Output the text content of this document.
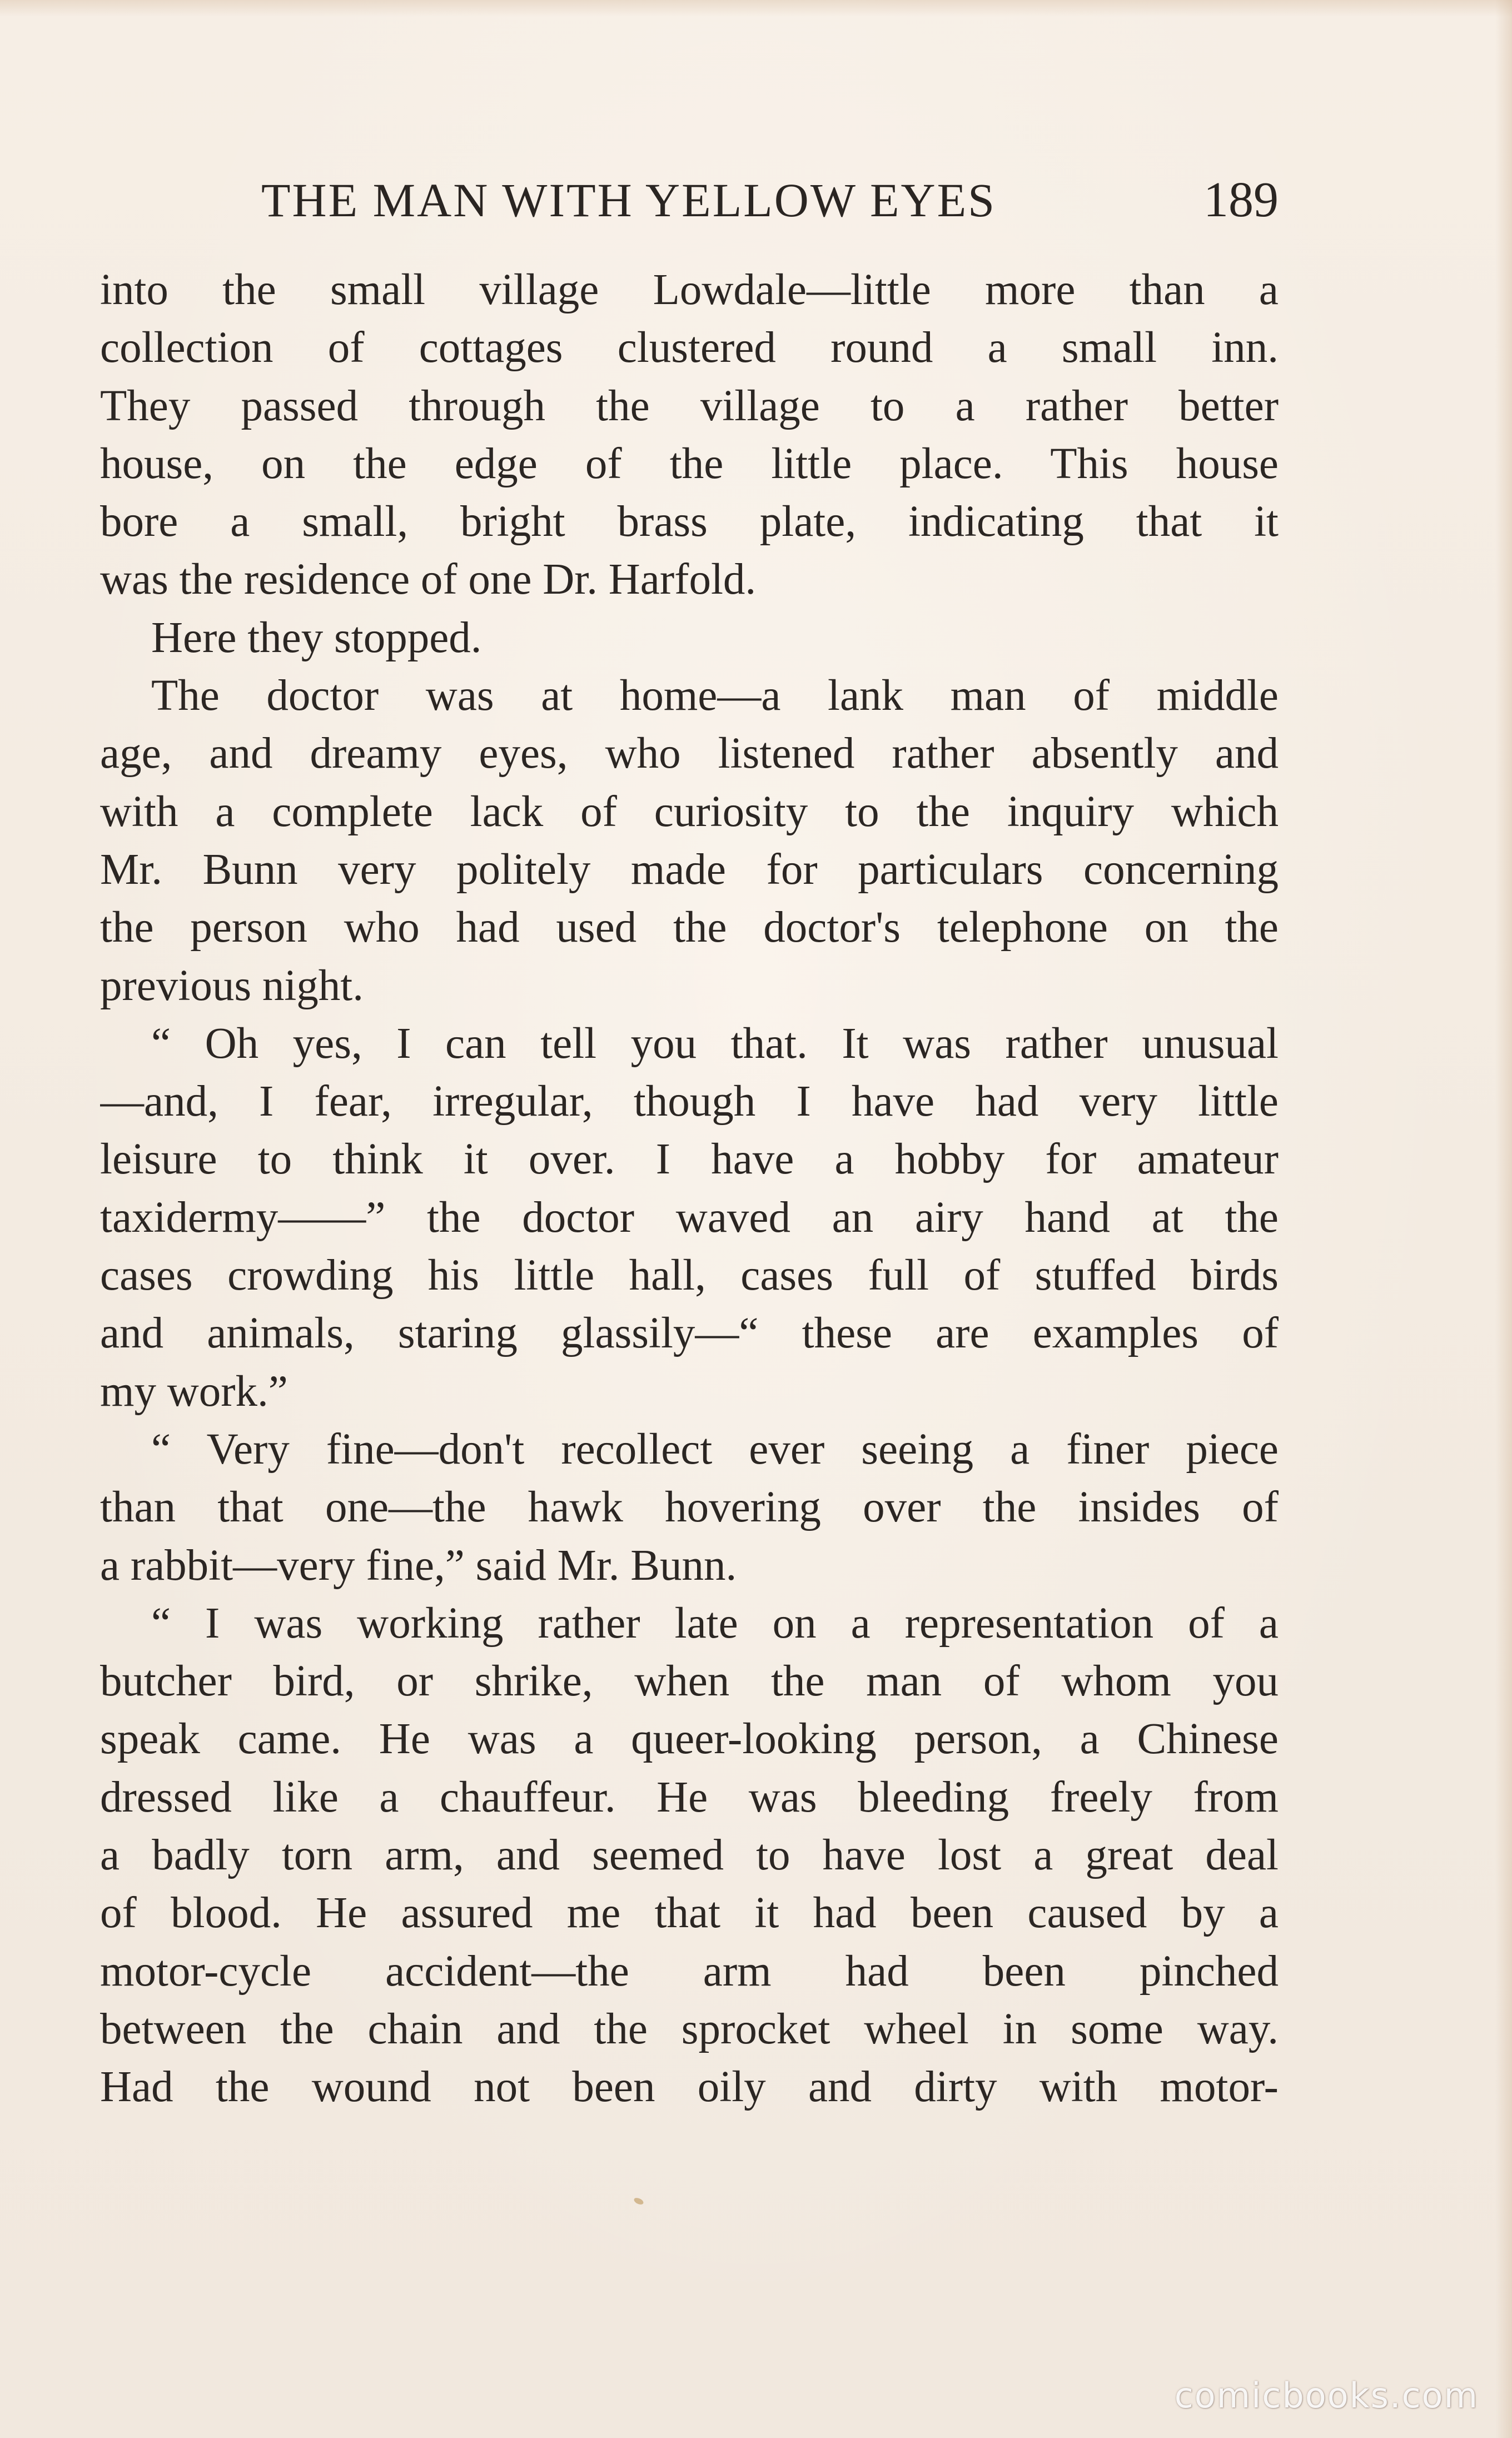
THE MAN WITH YELLOW EYES	189
into the small village Lowdale—little more than a
collection of cottages clustered round a small inn.
They passed through the village to a rather better
house, on the edge of the little place. This house
bore a small, bright brass plate, indicating that it
was the residence of one Dr. Harfold.
Here they stopped.
The doctor was at home—a lank man of middle
age, and dreamy eyes, who listened rather absently and
with a complete lack of curiosity to the inquiry which
Mr. Bunn very politely made for particulars concerning
the person who had used the doctor's telephone on the
previous night.
“ Oh yes, I can tell you that. It was rather unusual
—and, I fear, irregular, though I have had very little
leisure to think it over. I have a hobby for amateur
taxidermy——” the doctor waved an airy hand at the
cases crowding his little hall, cases full of stuffed birds
and animals, staring glassily—“ these are examples of
my work.”
“ Very fine—don't recollect ever seeing a finer piece
than that one—the hawk hovering over the insides of
a rabbit—very fine,” said Mr. Bunn.
“ I was working rather late on a representation of a
butcher bird, or shrike, when the man of whom you
speak came. He was a queer-looking person, a Chinese
dressed like a chauffeur. He was bleeding freely from
a badly torn arm, and seemed to have lost a great deal
of blood. He assured me that it had been caused by a
motor-cycle accident—the arm had been pinched
between the chain and the sprocket wheel in some way.
Had the wound not been oily and dirty with motor-
comicbooks.com
